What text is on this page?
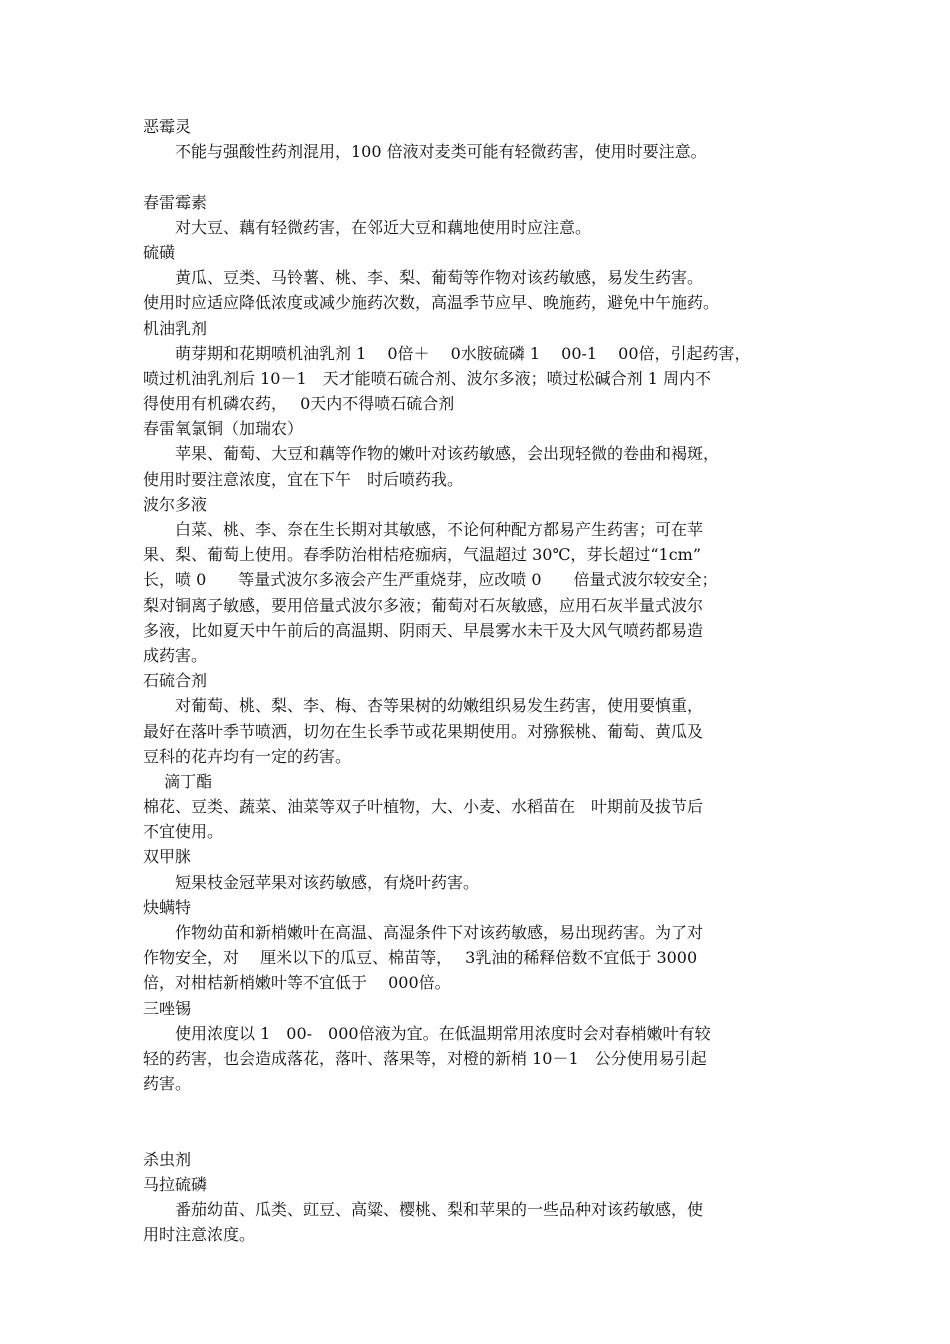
恶霉灵
　　不能与强酸性药剂混用，100 倍液对麦类可能有轻微药害，使用时要注意。
春雷霉素
　　对大豆、藕有轻微药害，在邻近大豆和藕地使用时应注意。
硫磺
　　黄瓜、豆类、马铃薯、桃、李、梨、葡萄等作物对该药敏感，易发生药害。
使用时应适应降低浓度或减少施药次数，高温季节应早、晚施药，避免中午施药。
机油乳剂
　　萌芽期和花期喷机油乳剂 1　 0倍＋　 0水胺硫磷 1　 00-1　 00倍，引起药害，
喷过机油乳剂后 10－1　天才能喷石硫合剂、波尔多液；喷过松碱合剂 1 周内不
得使用有机磷农药，　 0天内不得喷石硫合剂
春雷氧氯铜（加瑞农）
　　苹果、葡萄、大豆和藕等作物的嫩叶对该药敏感，会出现轻微的卷曲和褐斑，
使用时要注意浓度，宜在下午　时后喷药我。
波尔多液
　　白菜、桃、李、奈在生长期对其敏感，不论何种配方都易产生药害；可在苹
果、梨、葡萄上使用。春季防治柑桔疮痂病，气温超过 30℃，芽长超过“1cm”
长，喷 0　　等量式波尔多液会产生严重烧芽，应改喷 0　　倍量式波尔较安全；
梨对铜离子敏感，要用倍量式波尔多液；葡萄对石灰敏感，应用石灰半量式波尔
多液，比如夏天中午前后的高温期、阴雨天、早晨雾水未干及大风气喷药都易造
成药害。
石硫合剂
　　对葡萄、桃、梨、李、梅、杏等果树的幼嫩组织易发生药害，使用要慎重，
最好在落叶季节喷洒，切勿在生长季节或花果期使用。对猕猴桃、葡萄、黄瓜及
豆科的花卉均有一定的药害。
　 滴丁酯
棉花、豆类、蔬菜、油菜等双子叶植物，大、小麦、水稻苗在　叶期前及拔节后
不宜使用。
双甲脒
　　短果枝金冠苹果对该药敏感，有烧叶药害。
炔螨特
　　作物幼苗和新梢嫩叶在高温、高湿条件下对该药敏感，易出现药害。为了对
作物安全，对　 厘米以下的瓜豆、棉苗等，　 3乳油的稀释倍数不宜低于 3000
倍，对柑桔新梢嫩叶等不宜低于　 000倍。
三唑锡
　　使用浓度以 1　00-　000倍液为宜。在低温期常用浓度时会对春梢嫩叶有较
轻的药害，也会造成落花，落叶、落果等，对橙的新梢 10－1　公分使用易引起
药害。
杀虫剂
马拉硫磷
　　番茄幼苗、瓜类、豇豆、高粱、樱桃、梨和苹果的一些品种对该药敏感，使
用时注意浓度。
